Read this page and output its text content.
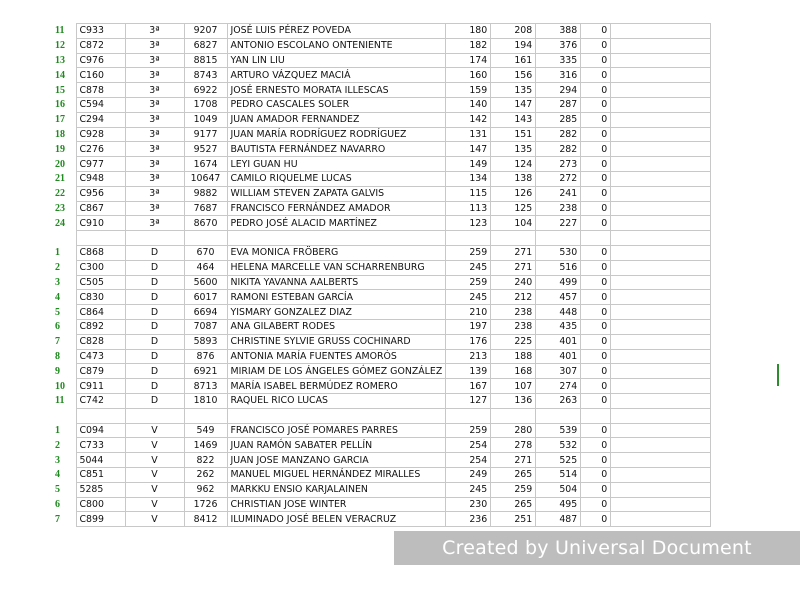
11	C933	3ª	9207	JOSÉ LUIS PÉREZ POVEDA	180	208	388	0	
12	C872	3ª	6827	ANTONIO ESCOLANO ONTENIENTE	182	194	376	0	
13	C976	3ª	8815	YAN LIN LIU	174	161	335	0	
14	C160	3ª	8743	ARTURO VÁZQUEZ MACIÁ	160	156	316	0	
15	C878	3ª	6922	JOSÉ ERNESTO MORATA ILLESCAS	159	135	294	0	
16	C594	3ª	1708	PEDRO CASCALES SOLER	140	147	287	0	
17	C294	3ª	1049	JUAN AMADOR FERNANDEZ	142	143	285	0	
18	C928	3ª	9177	JUAN MARÍA RODRÍGUEZ RODRÍGUEZ	131	151	282	0	
19	C276	3ª	9527	BAUTISTA FERNÁNDEZ NAVARRO	147	135	282	0	
20	C977	3ª	1674	LEYI GUAN HU	149	124	273	0	
21	C948	3ª	10647	CAMILO RIQUELME LUCAS	134	138	272	0	
22	C956	3ª	9882	WILLIAM STEVEN ZAPATA GALVIS	115	126	241	0	
23	C867	3ª	7687	FRANCISCO FERNÁNDEZ AMADOR	113	125	238	0	
24	C910	3ª	8670	PEDRO JOSÉ ALACID MARTÍNEZ	123	104	227	0	

1	C868	D	670	EVA MONICA FRÖBERG	259	271	530	0	
2	C300	D	464	HELENA MARCELLE VAN SCHARRENBURG	245	271	516	0	
3	C505	D	5600	NIKITA YAVANNA AALBERTS	259	240	499	0	
4	C830	D	6017	RAMONI ESTEBAN GARCÍA	245	212	457	0	
5	C864	D	6694	YISMARY GONZALEZ DIAZ	210	238	448	0	
6	C892	D	7087	ANA GILABERT RODES	197	238	435	0	
7	C828	D	5893	CHRISTINE SYLVIE GRUSS COCHINARD	176	225	401	0	
8	C473	D	876	ANTONIA MARÍA FUENTES AMORÓS	213	188	401	0	
9	C879	D	6921	MIRIAM DE LOS ÁNGELES GÓMEZ GONZÁLEZ	139	168	307	0	
10	C911	D	8713	MARÍA ISABEL BERMÚDEZ ROMERO	167	107	274	0	
11	C742	D	1810	RAQUEL RICO LUCAS	127	136	263	0	

1	C094	V	549	FRANCISCO JOSÉ POMARES PARRES	259	280	539	0	
2	C733	V	1469	JUAN RAMÓN SABATER PELLÍN	254	278	532	0	
3	5044	V	822	JUAN JOSE MANZANO GARCIA	254	271	525	0	
4	C851	V	262	MANUEL MIGUEL HERNÁNDEZ MIRALLES	249	265	514	0	
5	5285	V	962	MARKKU ENSIO KARJALAINEN	245	259	504	0	
6	C800	V	1726	CHRISTIAN JOSE WINTER	230	265	495	0	
7	C899	V	8412	ILUMINADO JOSÉ BELEN VERACRUZ	236	251	487	0	
Created by Universal Document Converter
